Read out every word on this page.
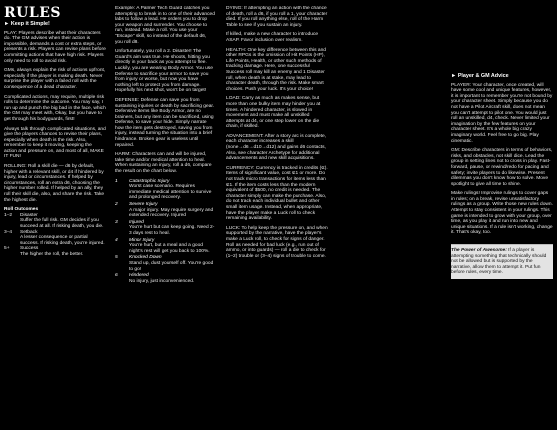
RULES
► Keep it Simple!

PLAY: Players describe what their characters do. The GM advises when their action is impossible, demands a cost or extra steps, or presents a risk. Players can revise plans before committing actions that have high risk. Players only need to roll to avoid risk.

GMs, always explain the risk of actions upfront, especially if the player is making death. Never surprise the player with a failed roll with the consequence of a dead character.

Complicated actions, may require, multiple risk rolls to determine the outcome. You may say, I run up and punch the big bad in the face, which the GM may meet with, Okay, but you have to get through his bodyguards, first!

Always talk through complicated situations, and give the players chances to revise their plans, especially when death is the risk. Also, remember to keep it moving, keeping the action and pressure on, and most of all, MAKE IT FUN!

ROLLING: Roll a skill die — d6 by default, higher with a relevant skill, or d4 if hindered by injury, lead or circumstances. If helped by circumstances, roll an extra d6, choosing the higher number rolled. If helped by an ally, they roll their skill die, also, and share the risk. Take the highest die.

Roll Outcomes
1–2	Disaster
Suffer the full risk. GM decides if you succeed at all. If risking death, you die.
3–4	Setback
A lesser consequence or partial success. If risking death, you're injured.
5+	Success
The higher the roll, the better.

Example: A Palmer Tech Guard catches you attempting to break in to one of their advanced labs to follow a lead. He orders you to drop your weapon and surrender. You choose to run, instead. Make a roll. You use your "Escape" skill, so instead of the default d6, you roll d8.

Unfortunately, you roll a 2. Disaster! The Guard's aim was true. He shoots, hitting you directly in your back as you attempt to flee. Luckily, you are wearing Body Armor. You use Defense to sacrifice your armor to save you from injury or worse, but now you have nothing left to protect you from damage. Hopefully his next shot, won't be on target!

DEFENSE: Defense can save you from sustaining injuries or death by sacrificing gear. Defensive items like Body Armor, are no brainers, but any item can be sacrificed, using Defense, to save your hide. Simply narrate how the item gets destroyed, saving you from injury, instead turning the situation into a brief hindrance. Broken gear is useless until repaired.

HARM: Characters can and will be injured, take time and/or medical attention to heal. When sustaining an injury, roll a d6, compare the result on the chart below.

1 Catastrophic Injury
Worst case scenario. Requires immediate medical attention to survive and prolonged recovery.
2 Severe Injury
A major injury. May require surgery and extended recovery. Injured
3 Injured
You're hurt but can keep going. Need 2-3 days rest to heal.
4 Minor Injury
You're hurt, but a meal and a good night's rest will get you back to 100%.
5 Knocked Down
Stand up, dust yourself off. You're good to go!
6 Hindered
No injury, just inconvenienced.

DYING: If attempting an action with the chance of death, roll a d6, if you roll a 1, your character died. If you roll anything else, roll of the Harm Table to see if you sustain an injury.

If killed, make a new character to introduce ASAP. Favor inclusion over realism.

HEALTH: One key difference between this and other RPGs is the omission of Hit Points (HP), Life Points, Health, or other such methods of tracking damage. Here, one successful Success roll may kill an enemy and 1 Disaster roll, when death is at stake, may lead to character death, through the risk. Make smart choices. Push your luck. It's your choice!

LOAD: Carry as much as makes sense, but more than one bulky item may hinder you at times. A hindered character, is slowed in movement and must make all unskilled attempts at d4, or one step lower on the die chain, if skilled.

ADVANCEMENT: After a story arc is complete, each character increases a skill (none→d6→d10→d12) and gains d6 contacts, Also, see character Archetype for additional advancements and new skill acquisitions.

CURRENCY: Currency is tracked in credits (₢). Items of significant value, cost ₢1 or more. Do not track micro transactions for items less than ₢1. If the item costs less than the modern equivalent of $500, no credit is needed. The character simply can make the purchase. Also, do not track each individual bullet and other small item usage. Instead, when appropriate, have the player make a Luck roll to check remaining availability.

LUCK: To help keep the pressure on, and when supported by the narrative, have the player's make a Luck roll, to check for signs of danger. Roll as needed for bad luck (e.g., run out of ammo, or into guards) — roll a die to check for (1–2) trouble or (3–4) signs of trouble to come.

► Player & GM Advice

PLAYER: Your character, once created, will have some cool and unique features, however, it is important to remember you're not bound by your character sheet. Simply because you do not have a Pilot Aircraft skill, does not mean you can't attempt to pilot one. You would just roll an unskilled, d4, check. Never limited your imagination by the few features on your character sheet. It's a whole big crazy imaginary world. Feel free to go big. Play cinematic.

GM: Describe characters in terms of behaviors, risks, and obstacles, not skill dice. Lead the group in setting lines not to cross in play. Fast-forward, pause, or rewind/redo for pacing and safety; invite players to do likewise. Present dilemmas you don't know how to solve. Move spotlight to give all time to shine.

Make rulings! Improvise rulings to cover gaps in rules; on a break, revise unsatisfactory rulings as a group. Write those new rules down. Attempt to stay consistent in your rulings. This game is intended to grow with your group, over time, as you play it and run into new and unique situations. If a rule isn't working, change it. That's okay, too.

The Power of Awesome: If a player is attempting something that technically should not be allowed but is supported by the narrative, allow them to attempt it. Put fun before rules, every time.
